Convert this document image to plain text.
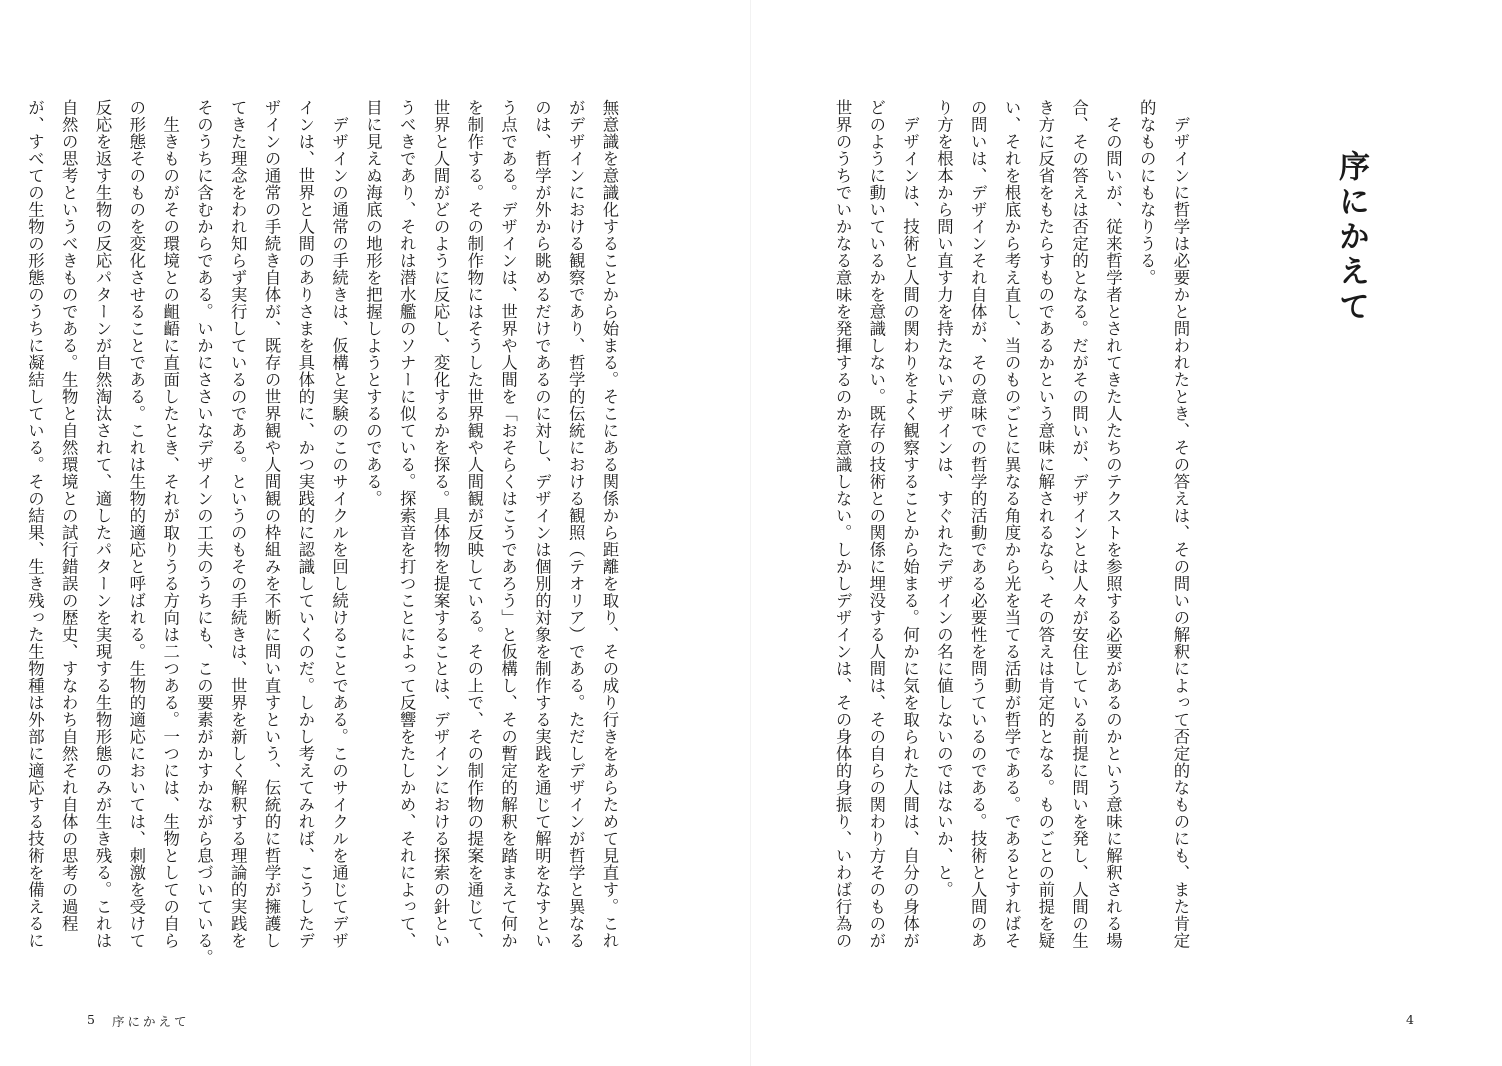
無意識を意識化することから始まる。そこにある関係から距離を取り、その成り行きをあらためて見直す。これ

がデザインにおける観察であり、哲学的伝統における観照（テオリア）である。ただしデザインが哲学と異なる

のは、哲学が外から眺めるだけであるのに対し、デザインは個別的対象を制作する実践を通じて解明をなすとい

う点である。デザインは、世界や人間を「おそらくはこうであろう」と仮構し、その暫定的解釈を踏まえて何か

を制作する。その制作物にはそうした世界観や人間観が反映している。その上で、その制作物の提案を通じて、

世界と人間がどのように反応し、変化するかを探る。具体物を提案することは、デザインにおける探索の針とい

うべきであり、それは潜水艦のソナーに似ている。探索音を打つことによって反響をたしかめ、それによって、

目に見えぬ海底の地形を把握しようとするのである。

　デザインの通常の手続きは、仮構と実験のこのサイクルを回し続けることである。このサイクルを通じてデザ

インは、世界と人間のありさまを具体的に、かつ実践的に認識していくのだ。しかし考えてみれば、こうしたデ

ザインの通常の手続き自体が、既存の世界観や人間観の枠組みを不断に問い直すという、伝統的に哲学が擁護し

てきた理念をわれ知らず実行しているのである。というのもその手続きは、世界を新しく解釈する理論的実践を

そのうちに含むからである。いかにささいなデザインの工夫のうちにも、この要素がかすかながら息づいている。

　生きものがその環境との齟齬に直面したとき、それが取りうる方向は二つある。一つには、生物としての自ら

の形態そのものを変化させることである。これは生物的適応と呼ばれる。生物的適応においては、刺激を受けて

反応を返す生物の反応パターンが自然淘汰されて、適したパターンを実現する生物形態のみが生き残る。これは

自然の思考というべきものである。生物と自然環境との試行錯誤の歴史、すなわち自然それ自体の思考の過程

が、すべての生物の形態のうちに凝結している。その結果、生き残った生物種は外部に適応する技術を備えるに

5 序にかえて
序にかえて

　デザインに哲学は必要かと問われたとき、その答えは、その問いの解釈によって否定的なものにも、また肯定

的なものにもなりうる。

　その問いが、従来哲学者とされてきた人たちのテクストを参照する必要があるのかという意味に解釈される場

合、その答えは否定的となる。だがその問いが、デザインとは人々が安住している前提に問いを発し、人間の生

き方に反省をもたらすものであるかという意味に解されるなら、その答えは肯定的となる。ものごとの前提を疑

い、それを根底から考え直し、当のものごとに異なる角度から光を当てる活動が哲学である。であるとすればそ

の問いは、デザインそれ自体が、その意味での哲学的活動である必要性を問うているのである。技術と人間のあ

り方を根本から問い直す力を持たないデザインは、すぐれたデザインの名に値しないのではないか、と。

　デザインは、技術と人間の関わりをよく観察することから始まる。何かに気を取られた人間は、自分の身体が

どのように動いているかを意識しない。既存の技術との関係に埋没する人間は、その自らの関わり方そのものが

世界のうちでいかなる意味を発揮するのかを意識しない。しかしデザインは、その身体的身振り、いわば行為の

4
